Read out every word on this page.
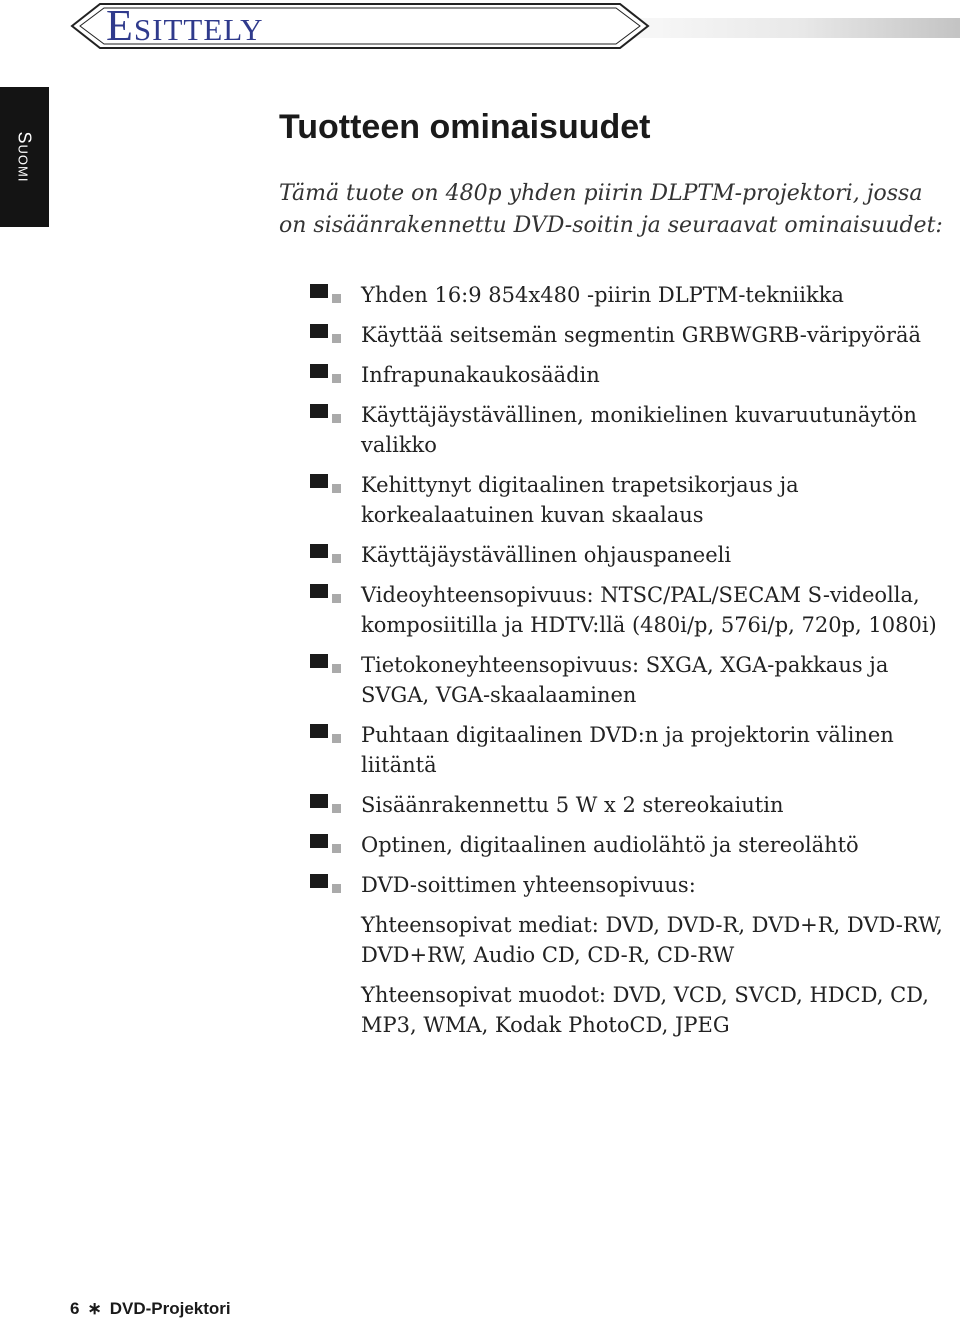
Esittely
Suomi
Tuotteen ominaisuudet
Tämä tuote on 480p yhden piirin DLPTM-projektori, jossa on sisäänrakennettu DVD-soitin ja seuraavat ominaisuudet:
Yhden 16:9 854x480 -piirin DLPTM-tekniikka
Käyttää seitsemän segmentin GRBWGRB-väripyörää
Infrapunakaukosäädin
Käyttäjäystävällinen, monikielinen kuvaruutunäytön valikko
Kehittynyt digitaalinen trapetsikorjaus ja korkealaatuinen kuvan skaalaus
Käyttäjäystävällinen ohjauspaneeli
Videoyhteensopivuus: NTSC/PAL/SECAM S-videolla, komposiitilla ja HDTV:llä (480i/p, 576i/p, 720p, 1080i)
Tietokoneyhteensopivuus: SXGA, XGA-pakkaus ja SVGA, VGA-skaalaaminen
Puhtaan digitaalinen DVD:n ja projektorin välinen liitäntä
Sisäänrakennettu 5 W x 2 stereokaiutin
Optinen, digitaalinen audiolähtö ja stereolähtö
DVD-soittimen yhteensopivuus:
Yhteensopivat mediat: DVD, DVD-R, DVD+R, DVD-RW, DVD+RW, Audio CD, CD-R, CD-RW
Yhteensopivat muodot: DVD, VCD, SVCD, HDCD, CD, MP3, WMA, Kodak PhotoCD, JPEG
6 ∗ DVD-Projektori
